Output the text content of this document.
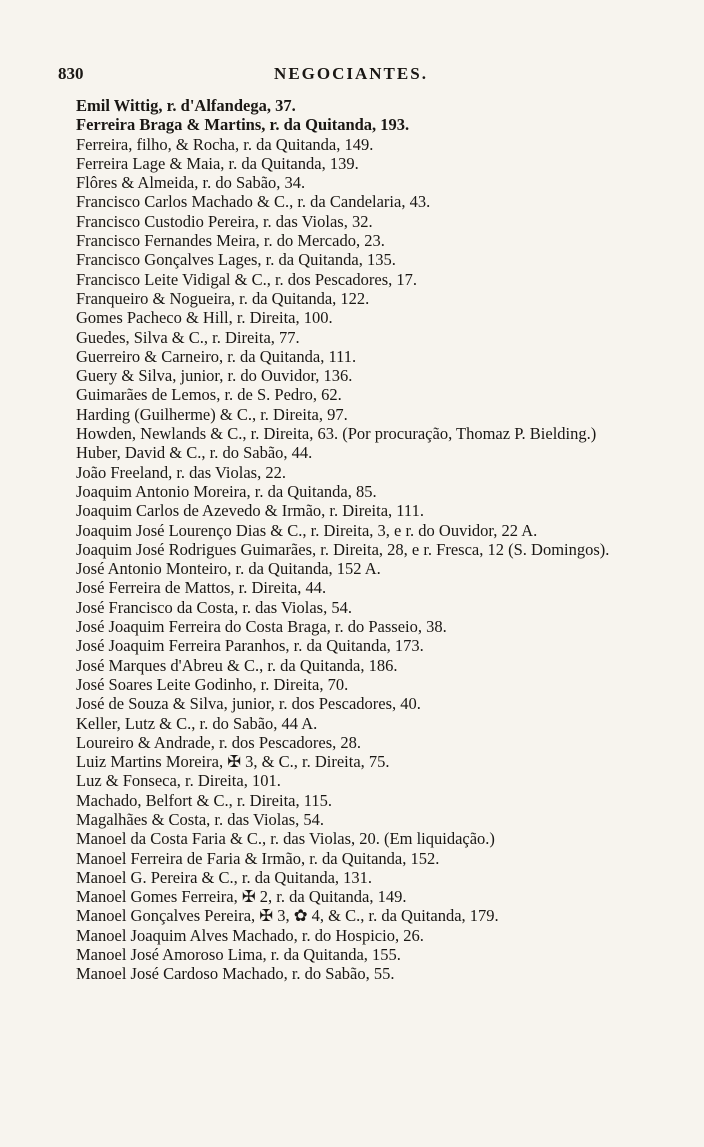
830	NEGOCIANTES.
Emil Wittig, r. d'Alfandega, 37.
Ferreira Braga & Martins, r. da Quitanda, 193.
Ferreira, filho, & Rocha, r. da Quitanda, 149.
Ferreira Lage & Maia, r. da Quitanda, 139.
Flôres & Almeida, r. do Sabão, 34.
Francisco Carlos Machado & C., r. da Candelaria, 43.
Francisco Custodio Pereira, r. das Violas, 32.
Francisco Fernandes Meira, r. do Mercado, 23.
Francisco Gonçalves Lages, r. da Quitanda, 135.
Francisco Leite Vidigal & C., r. dos Pescadores, 17.
Franqueiro & Nogueira, r. da Quitanda, 122.
Gomes Pacheco & Hill, r. Direita, 100.
Guedes, Silva & C., r. Direita, 77.
Guerreiro & Carneiro, r. da Quitanda, 111.
Guery & Silva, junior, r. do Ouvidor, 136.
Guimarães de Lemos, r. de S. Pedro, 62.
Harding (Guilherme) & C., r. Direita, 97.
Howden, Newlands & C., r. Direita, 63. (Por procuração, Thomaz P. Bielding.)
Huber, David & C., r. do Sabão, 44.
João Freeland, r. das Violas, 22.
Joaquim Antonio Moreira, r. da Quitanda, 85.
Joaquim Carlos de Azevedo & Irmão, r. Direita, 111.
Joaquim José Lourenço Dias & C., r. Direita, 3, e r. do Ouvidor, 22 A.
Joaquim José Rodrigues Guimarães, r. Direita, 28, e r. Fresca, 12 (S. Domingos).
José Antonio Monteiro, r. da Quitanda, 152 A.
José Ferreira de Mattos, r. Direita, 44.
José Francisco da Costa, r. das Violas, 54.
José Joaquim Ferreira do Costa Braga, r. do Passeio, 38.
José Joaquim Ferreira Paranhos, r. da Quitanda, 173.
José Marques d'Abreu & C., r. da Quitanda, 186.
José Soares Leite Godinho, r. Direita, 70.
José de Souza & Silva, junior, r. dos Pescadores, 40.
Keller, Lutz & C., r. do Sabão, 44 A.
Loureiro & Andrade, r. dos Pescadores, 28.
Luiz Martins Moreira, ✠ 3, & C., r. Direita, 75.
Luz & Fonseca, r. Direita, 101.
Machado, Belfort & C., r. Direita, 115.
Magalhães & Costa, r. das Violas, 54.
Manoel da Costa Faria & C., r. das Violas, 20. (Em liquidação.)
Manoel Ferreira de Faria & Irmão, r. da Quitanda, 152.
Manoel G. Pereira & C., r. da Quitanda, 131.
Manoel Gomes Ferreira, ✠ 2, r. da Quitanda, 149.
Manoel Gonçalves Pereira, ✠ 3, ✿ 4, & C., r. da Quitanda, 179.
Manoel Joaquim Alves Machado, r. do Hospicio, 26.
Manoel José Amoroso Lima, r. da Quitanda, 155.
Manoel José Cardoso Machado, r. do Sabão, 55.
